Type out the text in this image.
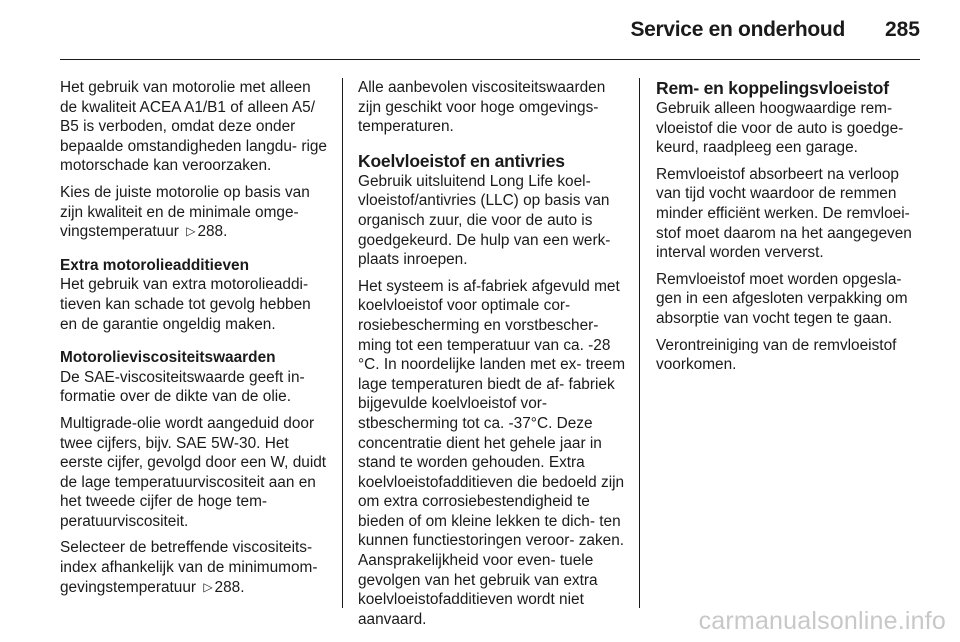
Service en onderhoud 285

Het gebruik van motorolie met alleen de kwaliteit ACEA A1/B1 of alleen A5/ B5 is verboden, omdat deze onder bepaalde omstandigheden langdu- rige motorschade kan veroorzaken.

Kies de juiste motorolie op basis van zijn kwaliteit en de minimale omge- vingstemperatuur ▷ 288.

Extra motorolieadditieven

Het gebruik van extra motorolieaddi- tieven kan schade tot gevolg hebben en de garantie ongeldig maken.

Motorolieviscositeitswaarden

De SAE-viscositeitswaarde geeft in- formatie over de dikte van de olie.

Multigrade-olie wordt aangeduid door twee cijfers, bijv. SAE 5W-30. Het eerste cijfer, gevolgd door een W, duidt de lage temperatuurviscositeit aan en het tweede cijfer de hoge tem- peratuurviscositeit.

Selecteer de betreffende viscositeits- index afhankelijk van de minimumom- gevingstemperatuur ▷ 288.

Alle aanbevolen viscositeitswaarden zijn geschikt voor hoge omgevings- temperaturen.

Koelvloeistof en antivries

Gebruik uitsluitend Long Life koel- vloeistof/antivries (LLC) op basis van organisch zuur, die voor de auto is goedgekeurd. De hulp van een werk- plaats inroepen.

Het systeem is af-fabriek afgevuld met koelvloeistof voor optimale cor- rosiebescherming en vorstbescher- ming tot een temperatuur van ca. ‑28 °C. In noordelijke landen met ex- treem lage temperaturen biedt de af- fabriek bijgevulde koelvloeistof vor- stbescherming tot ca. ‑37°C. Deze concentratie dient het gehele jaar in stand te worden gehouden. Extra koelvloeistofadditieven die bedoeld zijn om extra corrosiebestendigheid te bieden of om kleine lekken te dich- ten kunnen functiestoringen veroor- zaken. Aansprakelijkheid voor even- tuele gevolgen van het gebruik van extra koelvloeistofadditieven wordt niet aanvaard.

Rem- en koppelingsvloeistof

Gebruik alleen hoogwaardige rem- vloeistof die voor de auto is goedge- keurd, raadpleeg een garage.

Remvloeistof absorbeert na verloop van tijd vocht waardoor de remmen minder efficiënt werken. De remvloei- stof moet daarom na het aangegeven interval worden ververst.

Remvloeistof moet worden opgesla- gen in een afgesloten verpakking om absorptie van vocht tegen te gaan.

Verontreiniging van de remvloeistof voorkomen.

carmanualsonline.info
